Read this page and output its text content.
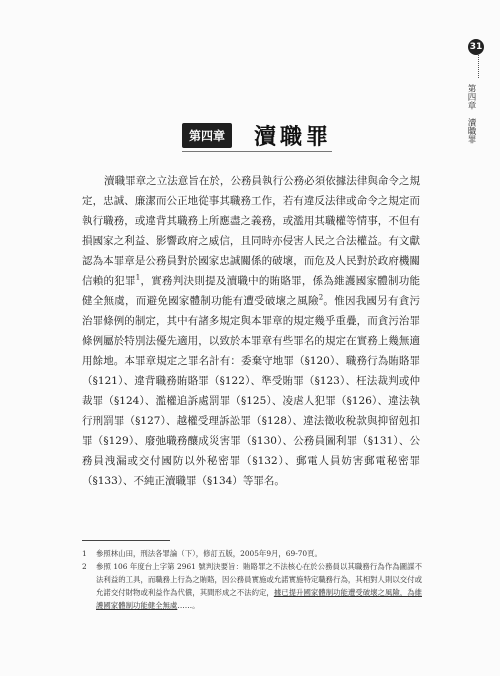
31
第四章
瀆職罪
第四章	瀆職罪

瀆職罪章之立法意旨在於，公務員執行公務必須依據法律與命令之規定，忠誠、廉潔而公正地從事其職務工作，若有違反法律或命令之規定而執行職務，或違背其職務上所應盡之義務，或濫用其職權等情事，不但有損國家之利益、影響政府之威信，且同時亦侵害人民之合法權益。有文獻認為本罪章是公務員對於國家忠誠關係的破壞，而危及人民對於政府機關信賴的犯罪$^1$，實務判決則提及瀆職中的賄賂罪，係為維護國家體制功能健全無虞，而避免國家體制功能有遭受破壞之風險$^2$。惟因我國另有貪污治罪條例的制定，其中有諸多規定與本罪章的規定幾乎重疊，而貪污治罪條例屬於特別法優先適用，以致於本罪章有些罪名的規定在實務上幾無適用餘地。本罪章規定之罪名計有：委棄守地罪（§120）、職務行為賄賂罪（§121）、違背職務賄賂罪（§122）、準受賄罪（§123）、枉法裁判或仲裁罪（§124）、濫權追訴處罰罪（§125）、凌虐人犯罪（§126）、違法執行刑罰罪（§127）、越權受理訴訟罪（§128）、違法徵收稅款與抑留剋扣罪（§129）、廢弛職務釀成災害罪（§130）、公務員圖利罪（§131）、公務員洩漏或交付國防以外秘密罪（§132）、郵電人員妨害郵電秘密罪（§133）、不純正瀆職罪（§134）等罪名。

1	參照林山田，刑法各罪論（下），修訂五版，2005年9月，69-70頁。
2	參照 106 年度台上字第 2961 號判決要旨：賄賂罪之不法核心在於公務員以其職務行為作為圖謀不法利益的工具，而職務上行為之賄賂，因公務員實施或允諾實施特定職務行為，其相對人則以交付或允諾交付財物或利益作為代償，其間形成之不法約定，據已提升國家體制功能遭受破壞之風險，為維護國家體制功能健全無虞……。
